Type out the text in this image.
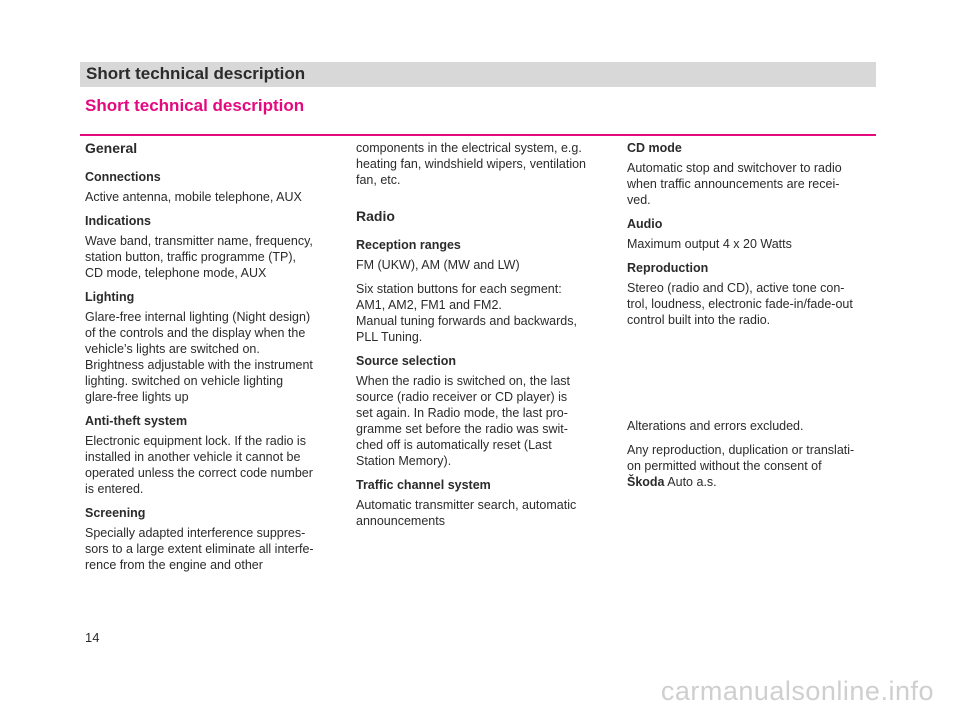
Short technical description
Short technical description
General
Connections
Active antenna, mobile telephone, AUX
Indications
Wave band, transmitter name, frequency,
station button, traffic programme (TP),
CD mode, telephone mode, AUX
Lighting
Glare-free internal lighting (Night design)
of the controls and the display when the
vehicle’s lights are switched on.
Brightness adjustable with the instrument
lighting. switched on vehicle lighting
glare-free lights up
Anti-theft system
Electronic equipment lock. If the radio is
installed in another vehicle it cannot be
operated unless the correct code number
is entered.
Screening
Specially adapted interference suppres-
sors to a large extent eliminate all interfe-
rence from the engine and other
components in the electrical system, e.g.
heating fan, windshield wipers, ventilation
fan, etc.
Radio
Reception ranges
FM (UKW), AM (MW and LW)
Six station buttons for each segment:
AM1, AM2, FM1 and FM2.
Manual tuning forwards and backwards,
PLL Tuning.
Source selection
When the radio is switched on, the last
source (radio receiver or CD player) is
set again. In Radio mode, the last pro-
gramme set before the radio was swit-
ched off is automatically reset (Last
Station Memory).
Traffic channel system
Automatic transmitter search, automatic
announcements
CD mode
Automatic stop and switchover to radio
when traffic announcements are recei-
ved.
Audio
Maximum output 4 x 20 Watts
Reproduction
Stereo (radio and CD), active tone con-
trol, loudness, electronic fade-in/fade-out
control built into the radio.
Alterations and errors excluded.
Any reproduction, duplication or translati-
on permitted without the consent of
Škoda Auto a.s.
14
carmanualsonline.info
